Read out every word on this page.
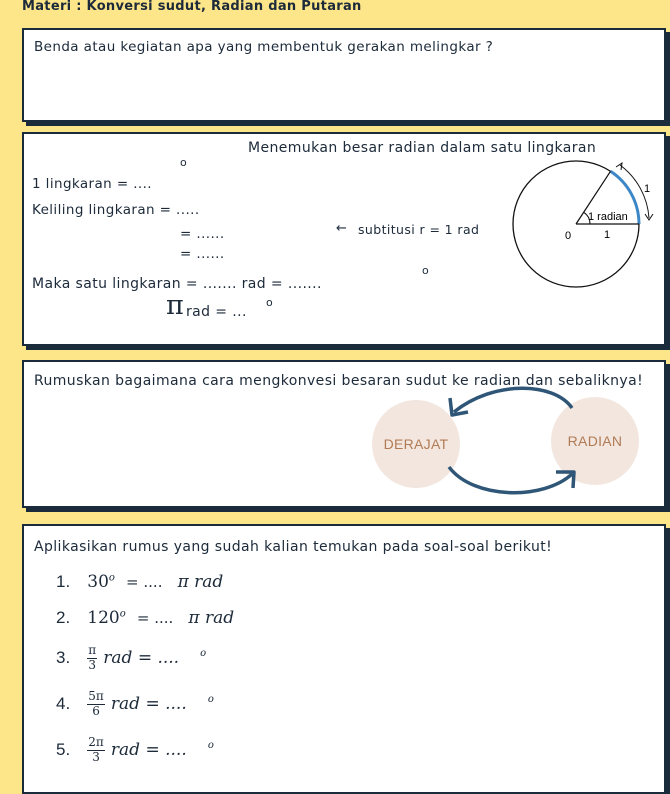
Materi : Konversi sudut, Radian dan Putaran
Benda atau kegiatan apa yang membentuk gerakan melingkar ?
Menemukan besar radian dalam satu lingkaran
1 lingkaran = ....
o
Keliling lingkaran = .....
= ......
= ......
← subtitusi r = 1 rad
Maka satu lingkaran = ....... rad = .......
o
π rad = ...
o
1
1 radian
0	1
Rumuskan bagaimana cara mengkonvesi besaran sudut ke radian dan sebaliknya!
DERAJAT	RADIAN
Aplikasikan rumus yang sudah kalian temukan pada soal-soal berikut!
1. $30^o$ = .... π rad
2. $120^o$ = .... π rad
3. $\frac{\pi}{3}$ rad = .... $^o$
4. $\frac{5\pi}{6}$ rad = .... $^o$
5. $\frac{2\pi}{3}$ rad = .... $^o$
